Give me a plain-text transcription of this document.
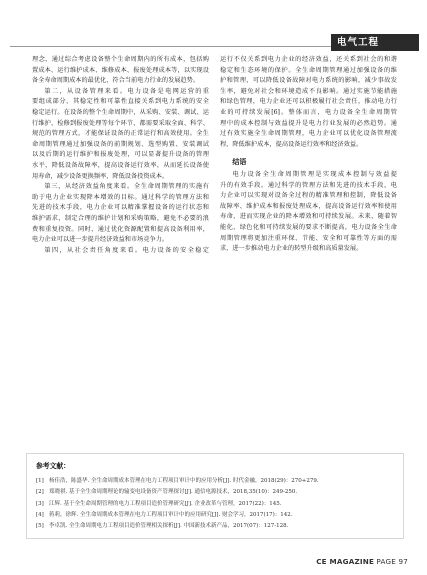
电气工程
理念，通过综合考虑设备整个生命周期内的所有成本，包括购
置成本、运行维护成本、维修成本、报废处理成本等，以实现设
备全寿命周期成本的最优化，符合当前电力行业的发展趋势。
第二，从设备管理来看。电力设备是电网运营的重
要组成部分，其稳定性和可靠性直接关系到电力系统的安全
稳定运行。在设备的整个生命周期中，从采购、安装、调试、运
行维护、检修到报废处理等每个环节，都需要采取全面、科学、
规范的管理方式，才能保证设备的正常运行和高效使用。全生
命周期管理通过加强设备的前期规划、选型购置、安装调试
以及后期的运行维护和报废处理，可以显著提升设备的管理
水平，降低设备故障率，提高设备运行效率，从而延长设备使
用寿命，减少设备更换频率，降低设备投资成本。
第三，从经济效益角度来看。全生命周期管理的实施有
助于电力企业实现降本增效的目标。通过科学的管理方法和
先进的技术手段，电力企业可以精准掌握设备的运行状态和
维护需求，制定合理的维护计划和采购策略，避免不必要的浪
费和重复投资。同时，通过优化资源配置和提高设备利用率，
电力企业可以进一步提升经济效益和市场竞争力。
第四，从社会责任角度来看。电力设备的安全稳定
运行不仅关系到电力企业的经济效益，还关系到社会的和谐
稳定和生态环境的保护。全生命周期管理通过加强设备的维
护和管理，可以降低设备故障对电力系统的影响，减少事故发
生率，避免对社会和环境造成不良影响。通过实施节能措施
和绿色管理，电力企业还可以积极履行社会责任，推动电力行
业的可持续发展[6]。整体而言，电力设备全生命周期管
理中的成本控制与效益提升是电力行业发展的必然趋势。通
过有效实施全生命周期管理，电力企业可以优化设备管理流
程，降低维护成本，提高设备运行效率和经济效益。
结语
电力设备全生命周期管理是实现成本控制与效益提
升的有效手段。通过科学的管理方法和先进的技术手段，电
力企业可以实现对设备全过程的精准管理和控制，降低设备
故障率、维护成本和报废处理成本，提高设备运行效率和使用
寿命，进而实现企业的降本增效和可持续发展。未来，随着智
能化、绿色化和可持续发展的要求不断提高，电力设备全生命
周期管理将更加注重环保、节能、安全和可靠性等方面的需
求，进一步推动电力企业的转型升级和高质量发展。
参考文献：
[1] 杨佳浩，陈盛华. 全生命周期成本管理在电力工程项目审计中的应用分析[J]. 时代金融，2018(29)：270+279.
[2] 郑晓祺. 基于全生命周期理论的输变电设备资产管理探讨[J]. 通信电源技术，2018,35(10)：249-250.
[3] 江辉. 基于全生命周期管理的电力工程项目造价管理研究[J]. 企业改革与管理，2017(22)：145.
[4] 蒋莉，徐辉. 全生命周期成本管理在电力工程项目审计中的应用研究[J]. 财会学习，2017(17)：142.
[5] 李卓凯. 全生命周期电力工程项目造价管理相关探析[J]. 中国新技术新产品，2017(07)：127-128.
CE MAGAZINE PAGE 97
